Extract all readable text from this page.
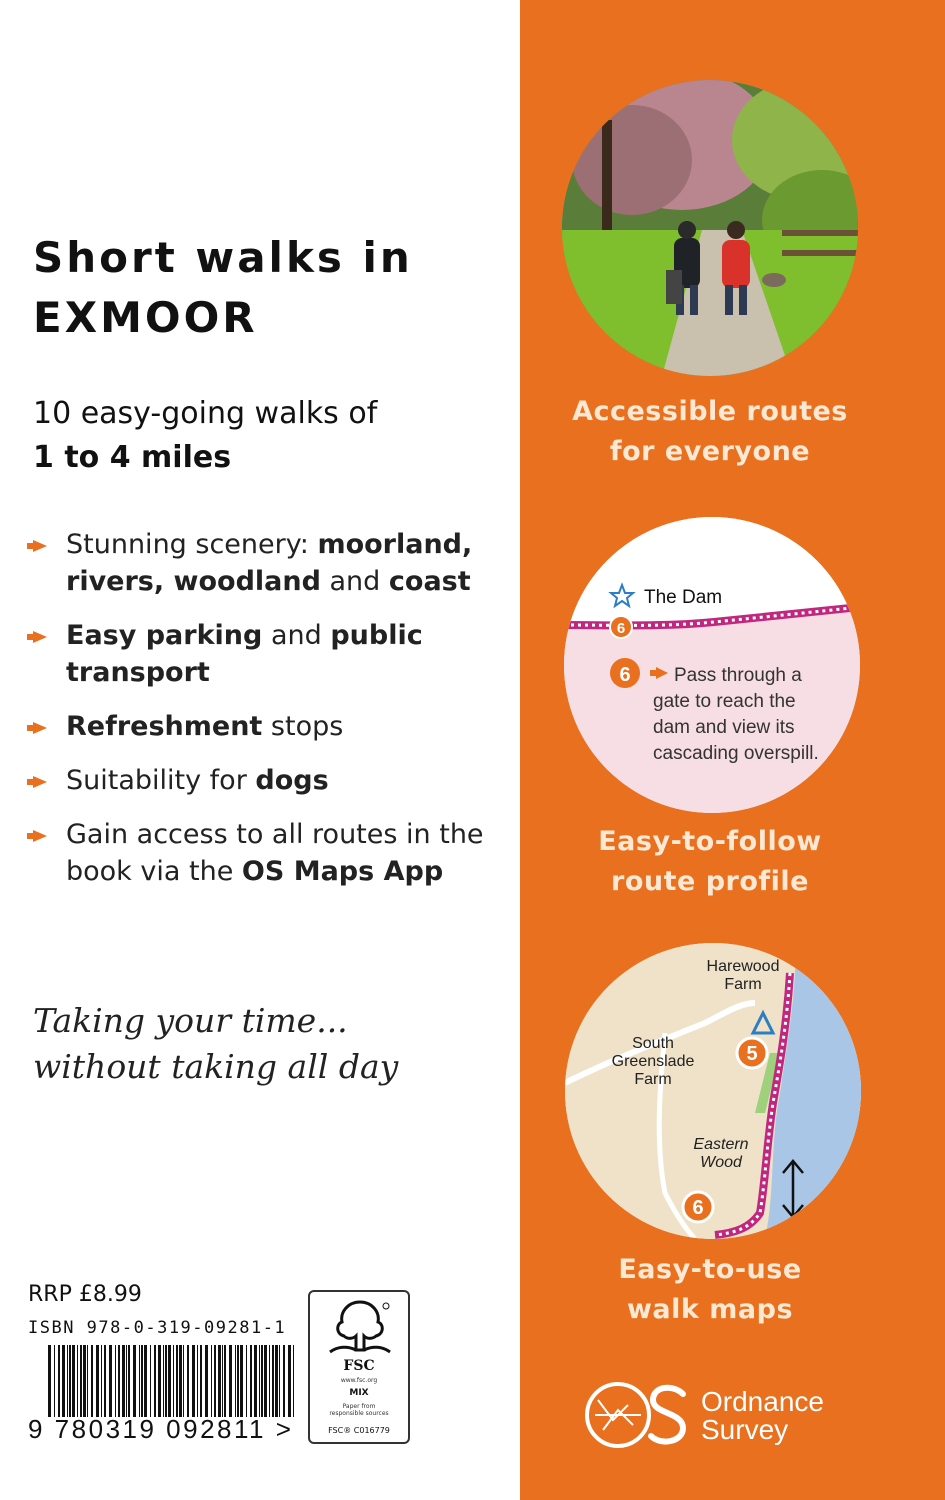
Short walks in
EXMOOR
10 easy-going walks of
1 to 4 miles
Stunning scenery: moorland, rivers, woodland and coast
Easy parking and public transport
Refreshment stops
Suitability for dogs
Gain access to all routes in the book via the OS Maps App
Taking your time...
without taking all day
RRP £8.99
ISBN 978-0-319-09281-1
9 780319 092811 >
FSC
www.fsc.org
MIX
Paper from
responsible sources
FSC® C016779
The Dam
6
6 Pass through a
gate to reach the
dam and view its
cascading overspill.
5
6
Harewood
Farm
South
Greenslade
Farm
Eastern
Wood
Accessible routes
for everyone
Easy-to-follow
route profile
Easy-to-use
walk maps
Ordnance
Survey
